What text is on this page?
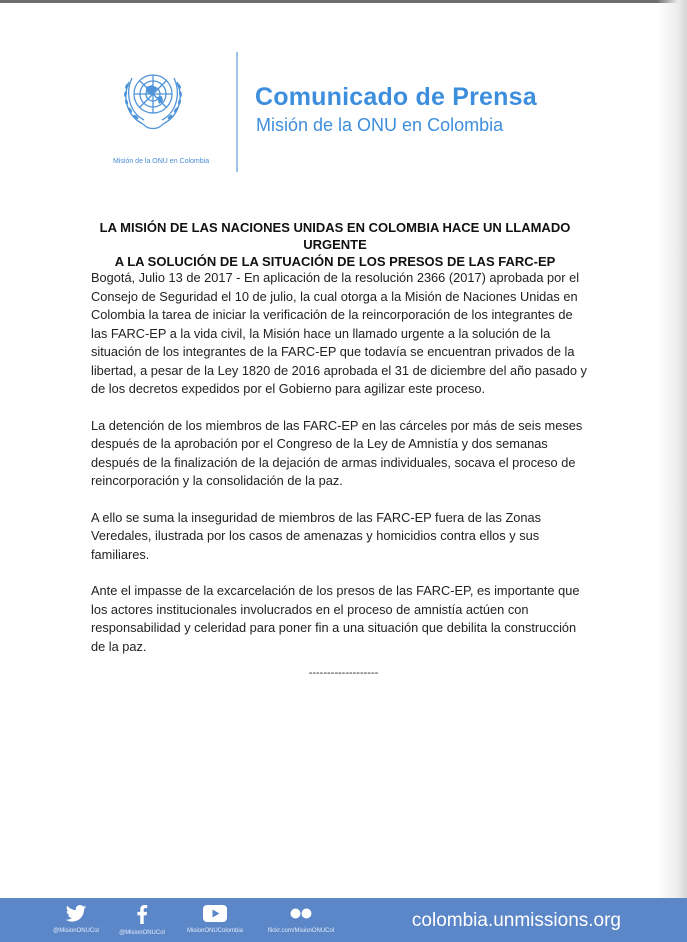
Misión de la ONU en Colombia
Comunicado de Prensa
Misión de la ONU en Colombia
LA MISIÓN DE LAS NACIONES UNIDAS EN COLOMBIA HACE UN LLAMADO URGENTE
A LA SOLUCIÓN DE LA SITUACIÓN DE LOS PRESOS DE LAS FARC-EP

Bogotá, Julio 13 de 2017 - En aplicación de la resolución 2366 (2017) aprobada por el Consejo de Seguridad el 10 de julio, la cual otorga a la Misión de Naciones Unidas en Colombia la tarea de iniciar la verificación de la reincorporación de los integrantes de las FARC-EP a la vida civil, la Misión hace un llamado urgente a la solución de la situación de los integrantes de la FARC-EP que todavía se encuentran privados de la libertad, a pesar de la Ley 1820 de 2016 aprobada el 31 de diciembre del año pasado y de los decretos expedidos por el Gobierno para agilizar este proceso.

La detención de los miembros de las FARC-EP en las cárceles por más de seis meses después de la aprobación por el Congreso de la Ley de Amnistía y dos semanas después de la finalización de la dejación de armas individuales, socava el proceso de reincorporación y la consolidación de la paz.

A ello se suma la inseguridad de miembros de las FARC-EP fuera de las Zonas Veredales, ilustrada por los casos de amenazas y homicidios contra ellos y sus familiares.

Ante el impasse de la excarcelación de los presos de las FARC-EP, es importante que los actores institucionales involucrados en el proceso de amnistía actúen con responsabilidad y celeridad para poner fin a una situación que debilita la construcción de la paz.

-------------------
@MisionONUCol	@MisionONUCol	MisionONUColombia	flickr.com/MisionONUCol	colombia.unmissions.org
